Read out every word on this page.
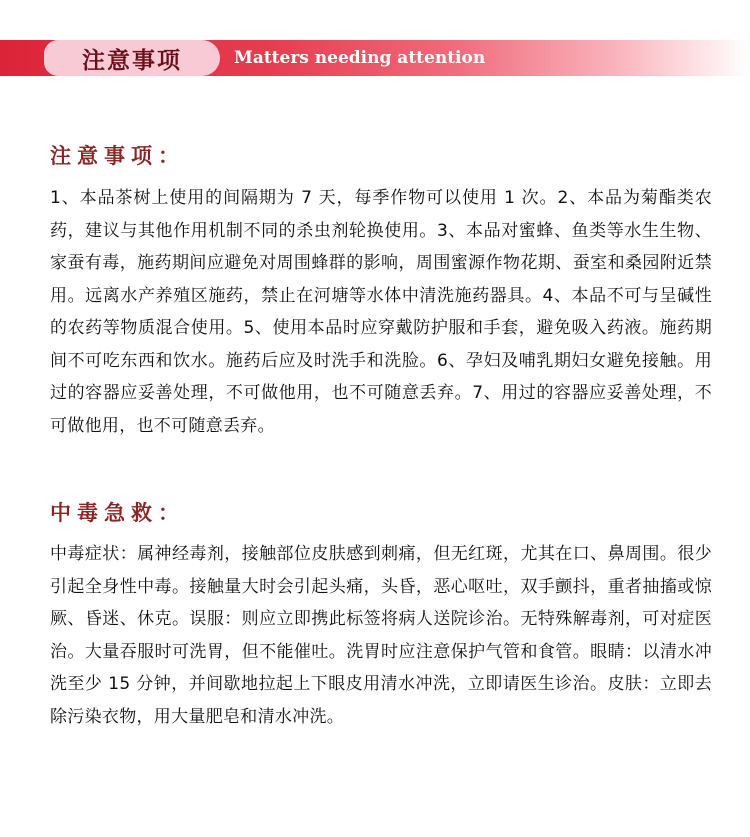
注意事项	Matters needing attention
注意事项：
1、本品茶树上使用的间隔期为 7 天，每季作物可以使用 1 次。2、本品为菊酯类农药，建议与其他作用机制不同的杀虫剂轮换使用。3、本品对蜜蜂、鱼类等水生生物、家蚕有毒，施药期间应避免对周围蜂群的影响，周围蜜源作物花期、蚕室和桑园附近禁用。远离水产养殖区施药，禁止在河塘等水体中清洗施药器具。4、本品不可与呈碱性的农药等物质混合使用。5、使用本品时应穿戴防护服和手套，避免吸入药液。施药期间不可吃东西和饮水。施药后应及时洗手和洗脸。6、孕妇及哺乳期妇女避免接触。用过的容器应妥善处理，不可做他用，也不可随意丢弃。7、用过的容器应妥善处理，不可做他用，也不可随意丢弃。
中毒急救：
中毒症状：属神经毒剂，接触部位皮肤感到刺痛，但无红斑，尤其在口、鼻周围。很少引起全身性中毒。接触量大时会引起头痛，头昏，恶心呕吐，双手颤抖，重者抽搐或惊厥、昏迷、休克。误服：则应立即携此标签将病人送院诊治。无特殊解毒剂，可对症医治。大量吞服时可洗胃，但不能催吐。洗胃时应注意保护气管和食管。眼睛：以清水冲洗至少 15 分钟，并间歇地拉起上下眼皮用清水冲洗，立即请医生诊治。皮肤：立即去除污染衣物，用大量肥皂和清水冲洗。
